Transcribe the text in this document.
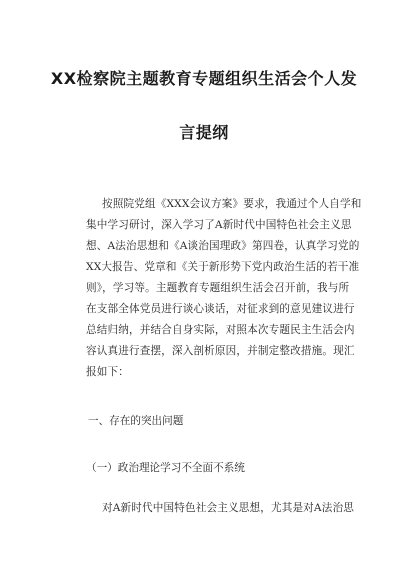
XX检察院主题教育专题组织生活会个人发
言提纲
按照院党组《XXX会议方案》要求，我通过个人自学和
集中学习研讨，深入学习了A新时代中国特色社会主义思
想、A法治思想和《A谈治国理政》第四卷，认真学习党的
XX大报告、党章和《关于新形势下党内政治生活的若干准
则》，学习等。主题教育专题组织生活会召开前，我与所
在支部全体党员进行谈心谈话，对征求到的意见建议进行
总结归纳，并结合自身实际，对照本次专题民主生活会内
容认真进行查摆，深入剖析原因，并制定整改措施。现汇
报如下：
一、存在的突出问题
（一）政治理论学习不全面不系统
对A新时代中国特色社会主义思想，尤其是对A法治思
